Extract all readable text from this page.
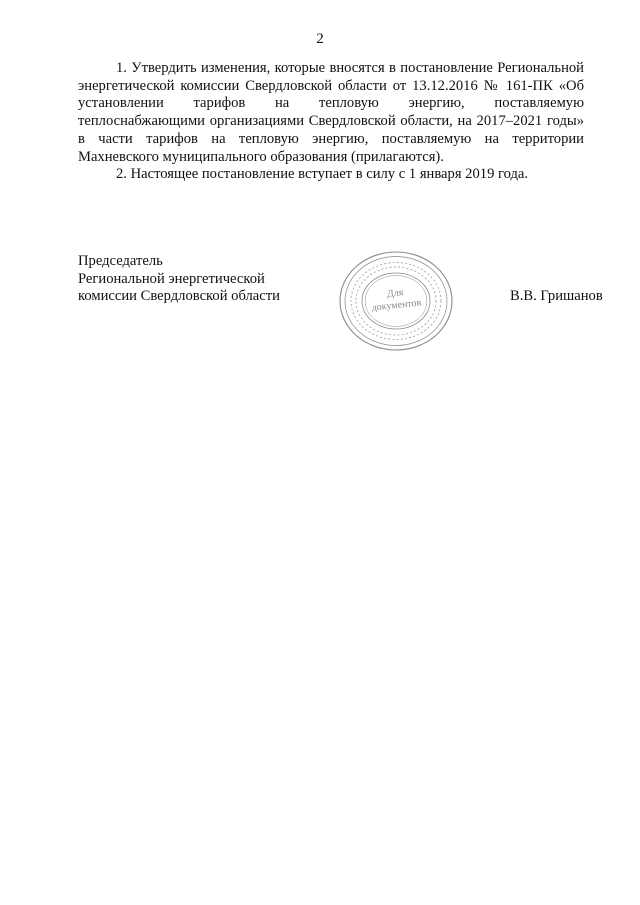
2

1. Утвердить изменения, которые вносятся в постановление Региональной энергетической комиссии Свердловской области от 13.12.2016 № 161-ПК «Об установлении тарифов на тепловую энергию, поставляемую теплоснабжающими организациями Свердловской области, на 2017–2021 годы» в части тарифов на тепловую энергию, поставляемую на территории Махневского муниципального образования (прилагаются).

2. Настоящее постановление вступает в силу с 1 января 2019 года.

Председатель
Региональной энергетической
комиссии Свердловской области	Для
документов
В.В. Гришанов
